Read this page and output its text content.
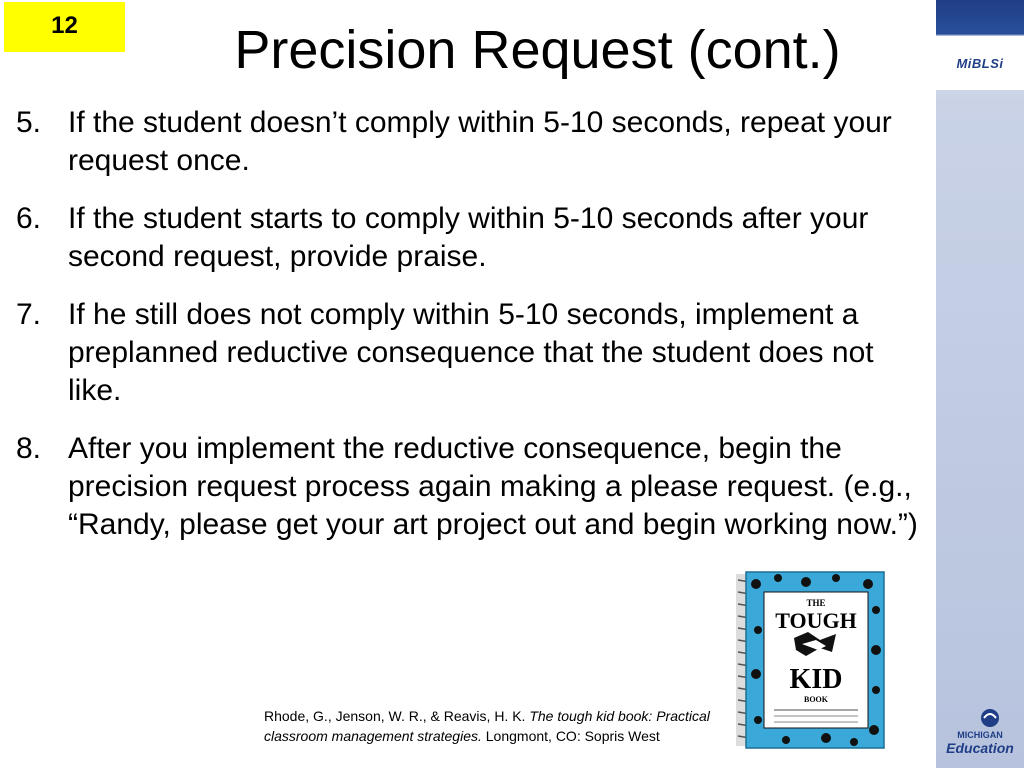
12	Precision Request (cont.)	MiBLSi
MICHIGAN
Education
5. If the student doesn’t comply within 5-10 seconds, repeat your request once.
6. If the student starts to comply within 5-10 seconds after your second request, provide praise.
7. If he still does not comply within 5-10 seconds, implement a preplanned reductive consequence that the student does not like.
8. After you implement the reductive consequence, begin the precision request process again making a please request. (e.g., “Randy, please get your art project out and begin working now.”)
THE
TOUGH
KID
BOOK
Rhode, G., Jenson, W. R., & Reavis, H. K. The tough kid book: Practical classroom management strategies. Longmont, CO: Sopris West
